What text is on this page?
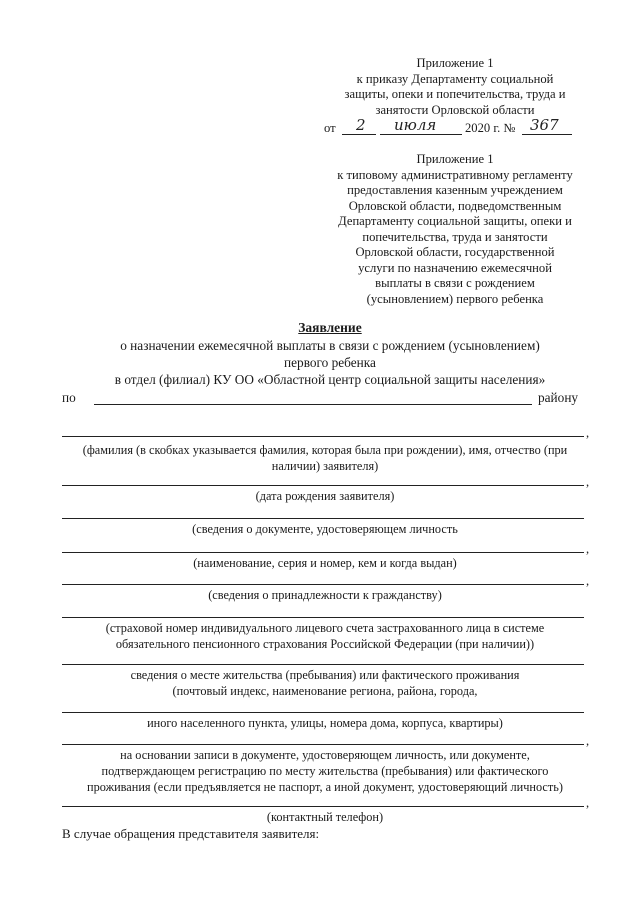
Приложение 1
к приказу Департаменту социальной
защиты, опеки и попечительства, труда и
занятости Орловской области
от 2 июля 2020 г. № 367
Приложение 1
к типовому административному регламенту
предоставления казенным учреждением
Орловской области, подведомственным
Департаменту социальной защиты, опеки и
попечительства, труда и занятости
Орловской области, государственной
услуги по назначению ежемесячной
выплаты в связи с рождением
(усыновлением) первого ребенка
Заявление
о назначении ежемесячной выплаты в связи с рождением (усыновлением)
первого ребенка
в отдел (филиал) КУ ОО «Областной центр социальной защиты населения»
по	району
,
(фамилия (в скобках указывается фамилия, которая была при рождении), имя, отчество (при
наличии) заявителя)
,
(дата рождения заявителя)
(сведения о документе, удостоверяющем личность
,
(наименование, серия и номер, кем и когда выдан)
,
(сведения о принадлежности к гражданству)
(страховой номер индивидуального лицевого счета застрахованного лица в системе
обязательного пенсионного страхования Российской Федерации (при наличии))
сведения о месте жительства (пребывания) или фактического проживания
(почтовый индекс, наименование региона, района, города,
иного населенного пункта, улицы, номера дома, корпуса, квартиры)
,
на основании записи в документе, удостоверяющем личность, или документе,
подтверждающем регистрацию по месту жительства (пребывания) или фактического
проживания (если предъявляется не паспорт, а иной документ, удостоверяющий личность)
,
(контактный телефон)
В случае обращения представителя заявителя:
